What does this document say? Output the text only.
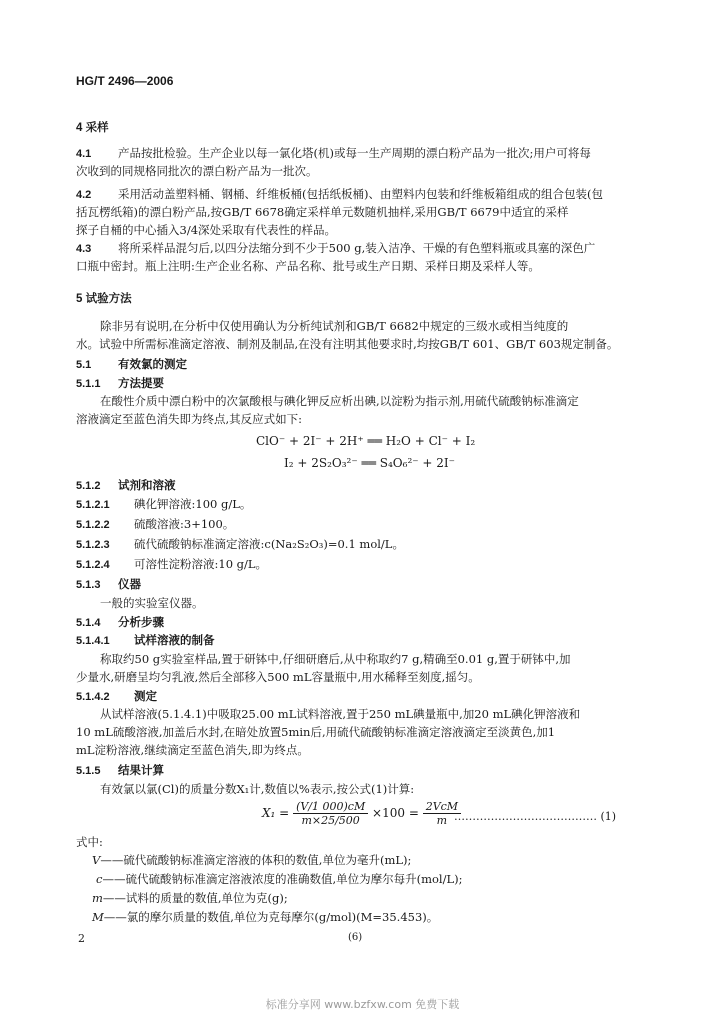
HG/T 2496—2006
4 采样
4.1 产品按批检验。生产企业以每一氯化塔(机)或每一生产周期的漂白粉产品为一批次;用户可将每
次收到的同规格同批次的漂白粉产品为一批次。
4.2 采用活动盖塑料桶、钢桶、纤维板桶(包括纸板桶)、由塑料内包装和纤维板箱组成的组合包装(包
括瓦楞纸箱)的漂白粉产品,按GB/T 6678确定采样单元数随机抽样,采用GB/T 6679中适宜的采样
探子自桶的中心插入3/4深处采取有代表性的样品。
4.3 将所采样品混匀后,以四分法缩分到不少于500 g,装入洁净、干燥的有色塑料瓶或具塞的深色广
口瓶中密封。瓶上注明:生产企业名称、产品名称、批号或生产日期、采样日期及采样人等。
5 试验方法
除非另有说明,在分析中仅使用确认为分析纯试剂和GB/T 6682中规定的三级水或相当纯度的
水。试验中所需标准滴定溶液、制剂及制品,在没有注明其他要求时,均按GB/T 601、GB/T 603规定制备。
5.1 有效氯的测定
5.1.1 方法提要
在酸性介质中漂白粉中的次氯酸根与碘化钾反应析出碘,以淀粉为指示剂,用硫代硫酸钠标准滴定
溶液滴定至蓝色消失即为终点,其反应式如下:
ClO⁻ + 2I⁻ + 2H⁺ ══ H₂O + Cl⁻ + I₂
I₂ + 2S₂O₃²⁻ ══ S₄O₆²⁻ + 2I⁻
5.1.2 试剂和溶液
5.1.2.1 碘化钾溶液:100 g/L。
5.1.2.2 硫酸溶液:3+100。
5.1.2.3 硫代硫酸钠标准滴定溶液:c(Na₂S₂O₃)=0.1 mol/L。
5.1.2.4 可溶性淀粉溶液:10 g/L。
5.1.3 仪器
一般的实验室仪器。
5.1.4 分析步骤
5.1.4.1 试样溶液的制备
称取约50 g实验室样品,置于研钵中,仔细研磨后,从中称取约7 g,精确至0.01 g,置于研钵中,加
少量水,研磨呈均匀乳液,然后全部移入500 mL容量瓶中,用水稀释至刻度,摇匀。
5.1.4.2 测定
从试样溶液(5.1.4.1)中吸取25.00 mL试料溶液,置于250 mL碘量瓶中,加20 mL碘化钾溶液和
10 mL硫酸溶液,加盖后水封,在暗处放置5min后,用硫代硫酸钠标准滴定溶液滴定至淡黄色,加1
mL淀粉溶液,继续滴定至蓝色消失,即为终点。
5.1.5 结果计算
有效氯以氯(Cl)的质量分数X₁计,数值以%表示,按公式(1)计算:
$X_1 = \frac{(V/1 000)cM}{m\times 25/500} \times 100 = \frac{\text{2VcM}}{m}$
………………………………… (1)
式中:
V——硫代硫酸钠标准滴定溶液的体积的数值,单位为毫升(mL);
c——硫代硫酸钠标准滴定溶液浓度的准确数值,单位为摩尔每升(mol/L);
m——试料的质量的数值,单位为克(g);
M——氯的摩尔质量的数值,单位为克每摩尔(g/mol)(M=35.453)。
2	(6)
标准分享网 www.bzfxw.com 免费下载
